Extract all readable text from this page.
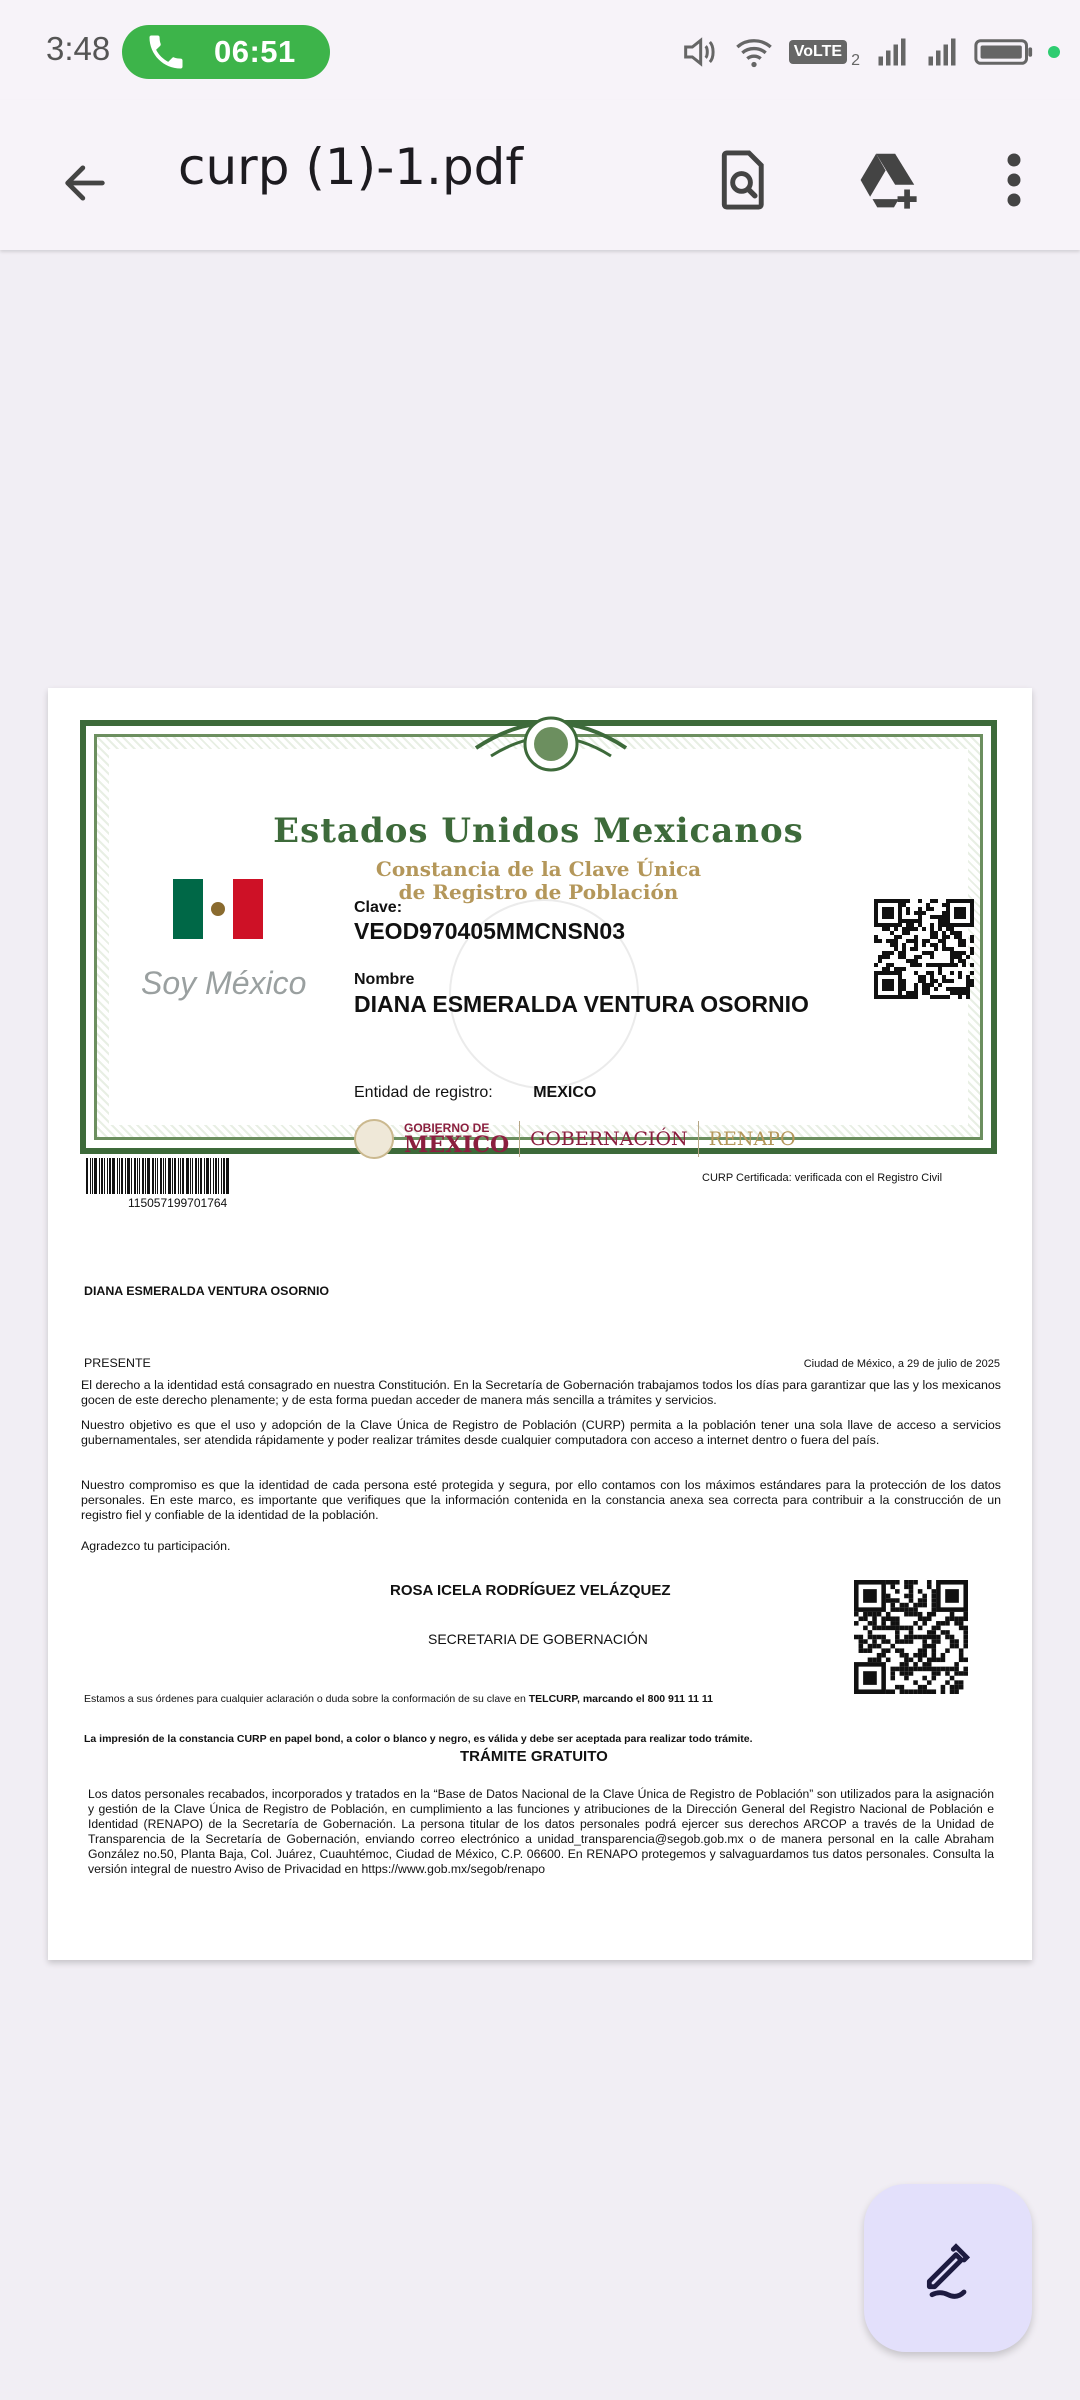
3:48	06:51	VoLTE
2
curp (1)-1.pdf
Estados Unidos Mexicanos
Constancia de la Clave Única
de Registro de Población
Soy México
Clave:
VEOD970405MMCNSN03
Nombre
DIANA ESMERALDA VENTURA OSORNIO
Entidad de registro:	MEXICO
GOBIERNO DE
MÉXICO GOBERNACIÓN RENAPO
115057199701764
CURP Certificada: verificada con el Registro Civil
DIANA ESMERALDA VENTURA OSORNIO
PRESENTE	Ciudad de México, a 29 de julio de 2025
El derecho a la identidad está consagrado en nuestra Constitución. En la Secretaría de Gobernación trabajamos todos los días para garantizar que las y los mexicanos gocen de este derecho plenamente; y de esta forma puedan acceder de manera más sencilla a trámites y servicios.
Nuestro objetivo es que el uso y adopción de la Clave Única de Registro de Población (CURP) permita a la población tener una sola llave de acceso a servicios gubernamentales, ser atendida rápidamente y poder realizar trámites desde cualquier computadora con acceso a internet dentro o fuera del país.
Nuestro compromiso es que la identidad de cada persona esté protegida y segura, por ello contamos con los máximos estándares para la protección de los datos personales. En este marco, es importante que verifiques que la información contenida en la constancia anexa sea correcta para contribuir a la construcción de un registro fiel y confiable de la identidad de la población.
Agradezco tu participación.
ROSA ICELA RODRÍGUEZ VELÁZQUEZ
SECRETARIA DE GOBERNACIÓN
Estamos a sus órdenes para cualquier aclaración o duda sobre la conformación de su clave en TELCURP, marcando el 800 911 11 11
La impresión de la constancia CURP en papel bond, a color o blanco y negro, es válida y debe ser aceptada para realizar todo trámite.
TRÁMITE GRATUITO
Los datos personales recabados, incorporados y tratados en la “Base de Datos Nacional de la Clave Única de Registro de Población” son utilizados para la asignación y gestión de la Clave Única de Registro de Población, en cumplimiento a las funciones y atribuciones de la Dirección General del Registro Nacional de Población e Identidad (RENAPO) de la Secretaría de Gobernación. La persona titular de los datos personales podrá ejercer sus derechos ARCOP a través de la Unidad de Transparencia de la Secretaría de Gobernación, enviando correo electrónico a unidad_transparencia@segob.gob.mx o de manera personal en la calle Abraham González no.50, Planta Baja, Col. Juárez, Cuauhtémoc, Ciudad de México, C.P. 06600. En RENAPO protegemos y salvaguardamos tus datos personales. Consulta la versión integral de nuestro Aviso de Privacidad en https://www.gob.mx/segob/renapo
